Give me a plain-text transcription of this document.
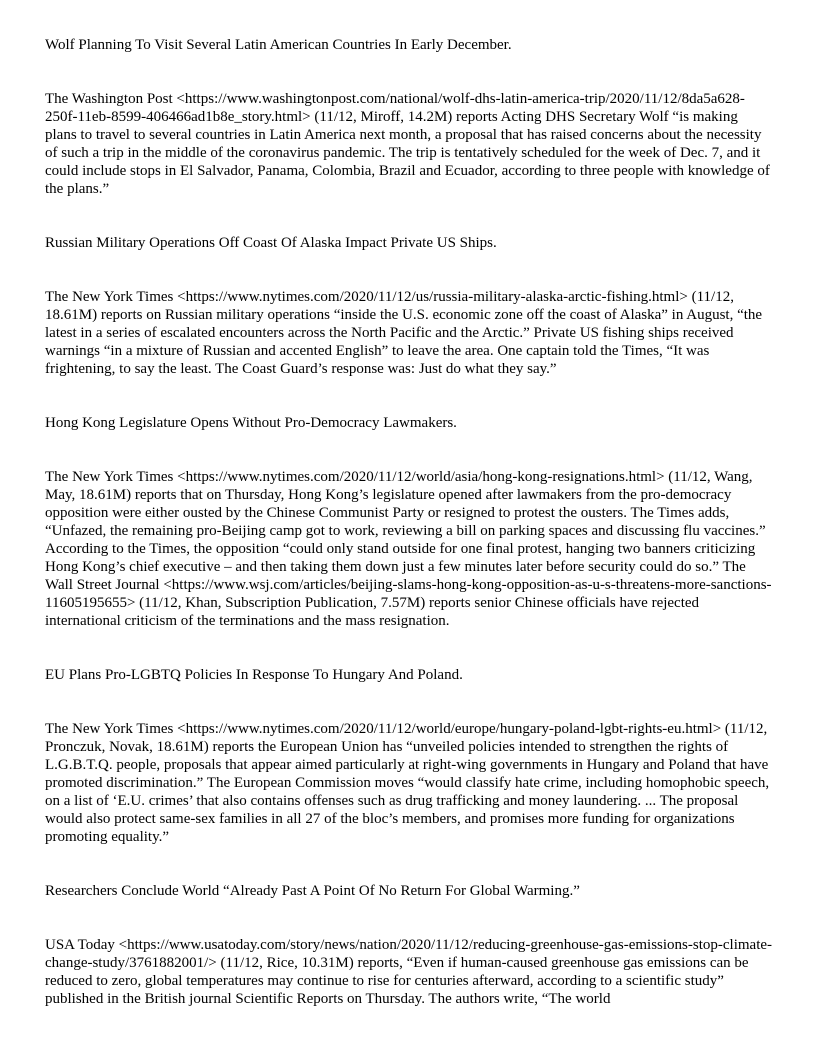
Wolf Planning To Visit Several Latin American Countries In Early December.

The Washington Post <https://www.washingtonpost.com/national/wolf-dhs-latin-america-trip/2020/11/12/8da5a628-250f-11eb-8599-406466ad1b8e_story.html> (11/12, Miroff, 14.2M) reports Acting DHS Secretary Wolf “is making plans to travel to several countries in Latin America next month, a proposal that has raised concerns about the necessity of such a trip in the middle of the coronavirus pandemic. The trip is tentatively scheduled for the week of Dec. 7, and it could include stops in El Salvador, Panama, Colombia, Brazil and Ecuador, according to three people with knowledge of the plans.”

Russian Military Operations Off Coast Of Alaska Impact Private US Ships.

The New York Times <https://www.nytimes.com/2020/11/12/us/russia-military-alaska-arctic-fishing.html> (11/12, 18.61M) reports on Russian military operations “inside the U.S. economic zone off the coast of Alaska” in August, “the latest in a series of escalated encounters across the North Pacific and the Arctic.” Private US fishing ships received warnings “in a mixture of Russian and accented English” to leave the area. One captain told the Times, “It was frightening, to say the least. The Coast Guard’s response was: Just do what they say.”

Hong Kong Legislature Opens Without Pro-Democracy Lawmakers.

The New York Times <https://www.nytimes.com/2020/11/12/world/asia/hong-kong-resignations.html> (11/12, Wang, May, 18.61M) reports that on Thursday, Hong Kong’s legislature opened after lawmakers from the pro-democracy opposition were either ousted by the Chinese Communist Party or resigned to protest the ousters. The Times adds, “Unfazed, the remaining pro-Beijing camp got to work, reviewing a bill on parking spaces and discussing flu vaccines.” According to the Times, the opposition “could only stand outside for one final protest, hanging two banners criticizing Hong Kong’s chief executive – and then taking them down just a few minutes later before security could do so.” The Wall Street Journal <https://www.wsj.com/articles/beijing-slams-hong-kong-opposition-as-u-s-threatens-more-sanctions-11605195655> (11/12, Khan, Subscription Publication, 7.57M) reports senior Chinese officials have rejected international criticism of the terminations and the mass resignation.

EU Plans Pro-LGBTQ Policies In Response To Hungary And Poland.

The New York Times <https://www.nytimes.com/2020/11/12/world/europe/hungary-poland-lgbt-rights-eu.html> (11/12, Pronczuk, Novak, 18.61M) reports the European Union has “unveiled policies intended to strengthen the rights of L.G.B.T.Q. people, proposals that appear aimed particularly at right-wing governments in Hungary and Poland that have promoted discrimination.” The European Commission moves “would classify hate crime, including homophobic speech, on a list of ‘E.U. crimes’ that also contains offenses such as drug trafficking and money laundering. ... The proposal would also protect same-sex families in all 27 of the bloc’s members, and promises more funding for organizations promoting equality.”

Researchers Conclude World “Already Past A Point Of No Return For Global Warming.”

USA Today <https://www.usatoday.com/story/news/nation/2020/11/12/reducing-greenhouse-gas-emissions-stop-climate-change-study/3761882001/> (11/12, Rice, 10.31M) reports, “Even if human-caused greenhouse gas emissions can be reduced to zero, global temperatures may continue to rise for centuries afterward, according to a scientific study” published in the British journal Scientific Reports on Thursday. The authors write, “The world
